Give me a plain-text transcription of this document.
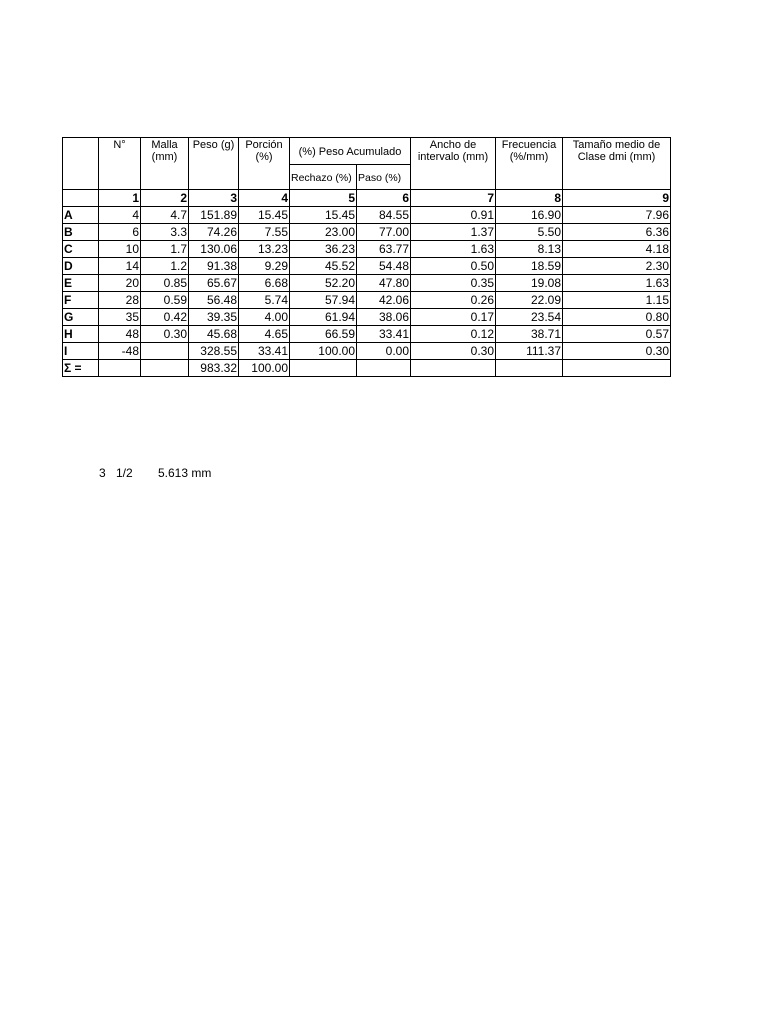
	N°	Malla (mm)	Peso (g)	Porción (%)	(%) Peso Acumulado		Ancho de intervalo (mm)	Frecuencia (%/mm)	Tamaño medio de Clase dmi (mm)
					Rechazo (%)	Paso (%)			
	1	2	3	4	5	6	7	8	9
A	4	4.7	151.89	15.45	15.45	84.55	0.91	16.90	7.96
B	6	3.3	74.26	7.55	23.00	77.00	1.37	5.50	6.36
C	10	1.7	130.06	13.23	36.23	63.77	1.63	8.13	4.18
D	14	1.2	91.38	9.29	45.52	54.48	0.50	18.59	2.30
E	20	0.85	65.67	6.68	52.20	47.80	0.35	19.08	1.63
F	28	0.59	56.48	5.74	57.94	42.06	0.26	22.09	1.15
G	35	0.42	39.35	4.00	61.94	38.06	0.17	23.54	0.80
H	48	0.30	45.68	4.65	66.59	33.41	0.12	38.71	0.57
I	-48		328.55	33.41	100.00	0.00	0.30	111.37	0.30
Σ =			983.32	100.00					
3 1/2 5.613 mm
